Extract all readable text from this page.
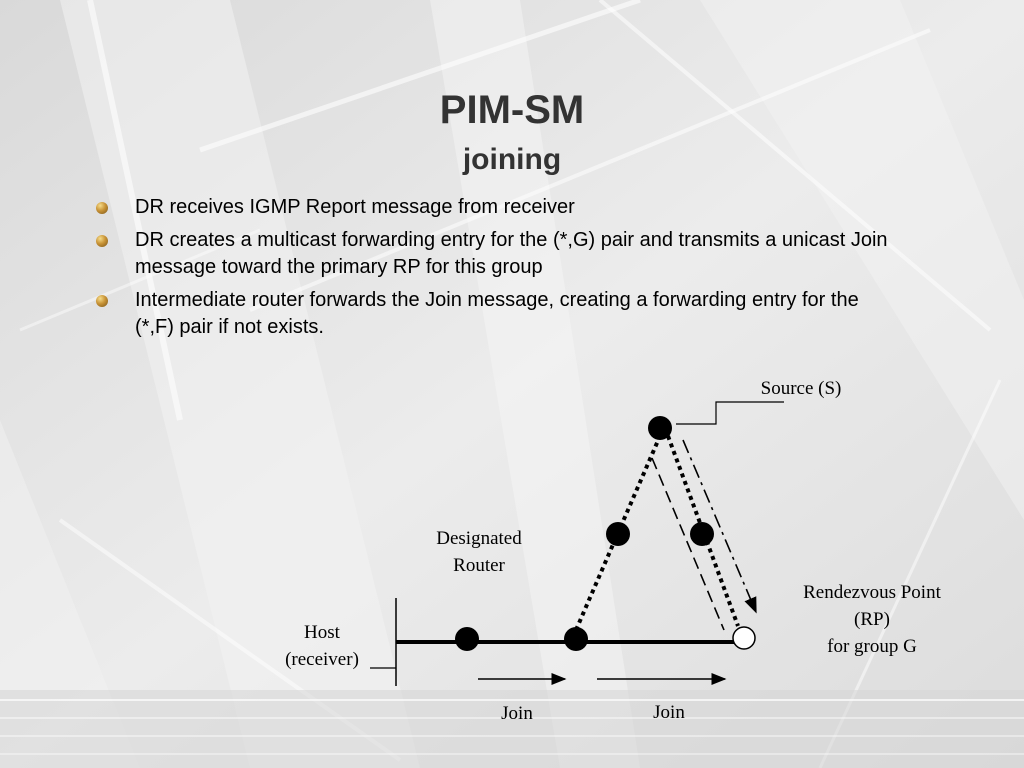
PIM-SM
joining
DR receives IGMP Report message from receiver
DR creates a multicast forwarding entry for the (*,G) pair and transmits a unicast Join message toward the primary RP for this group
Intermediate router forwards the Join message, creating a forwarding entry for the (*,F) pair if not exists.
Source (S)
Designated
Router
Host
(receiver)
Rendezvous Point
(RP)
for group G
Join	Join
